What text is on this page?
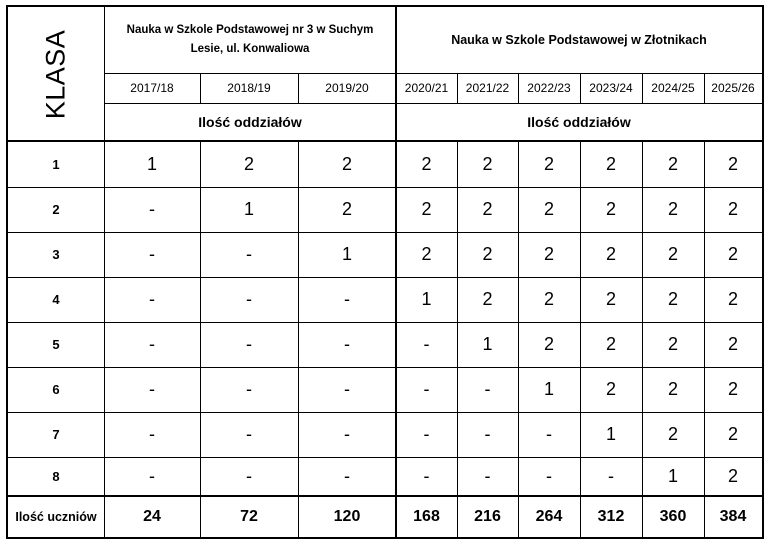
KLASA	Nauka w Szkole Podstawowej nr 3 w Suchym Lesie, ul. Konwaliowa
Nauka w Szkole Podstawowej w Złotnikach
2017/18	2018/19	2019/20	2020/21	2021/22	2022/23	2023/24	2024/25	2025/26
Ilość oddziałów	Ilość oddziałów
1	1	2	2	2	2	2	2	2	2
2	-	1	2	2	2	2	2	2	2
3	-	-	1	2	2	2	2	2	2
4	-	-	-	1	2	2	2	2	2
5	-	-	-	-	1	2	2	2	2
6	-	-	-	-	-	1	2	2	2
7	-	-	-	-	-	-	1	2	2
8	-	-	-	-	-	-	-	1	2
Ilość uczniów	24	72	120	168	216	264	312	360	384
